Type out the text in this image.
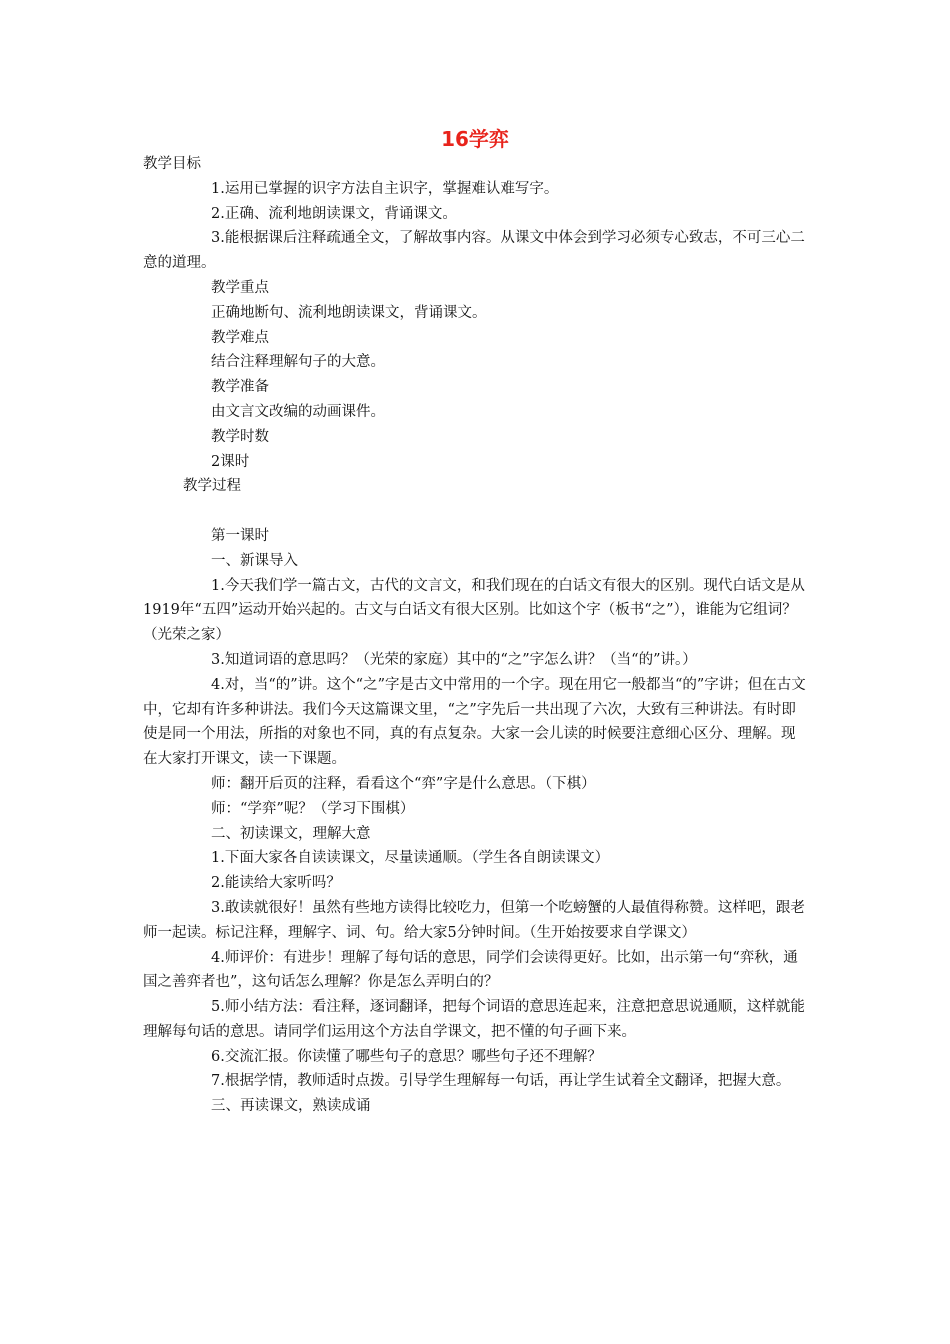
16学弈

教学目标

1.运用已掌握的识字方法自主识字，掌握难认难写字。

2.正确、流利地朗读课文，背诵课文。

3.能根据课后注释疏通全文，了解故事内容。从课文中体会到学习必须专心致志，不可三心二意的道理。

教学重点

正确地断句、流利地朗读课文，背诵课文。

教学难点

结合注释理解句子的大意。

教学准备

由文言文改编的动画课件。

教学时数

2课时

教学过程

第一课时

一、新课导入

1.今天我们学一篇古文，古代的文言文，和我们现在的白话文有很大的区别。现代白话文是从1919年“五四”运动开始兴起的。古文与白话文有很大区别。比如这个字（板书“之”），谁能为它组词？（光荣之家）

3.知道词语的意思吗？（光荣的家庭）其中的“之”字怎么讲？（当“的”讲。）

4.对，当“的”讲。这个“之”字是古文中常用的一个字。现在用它一般都当“的”字讲；但在古文中，它却有许多种讲法。我们今天这篇课文里，“之”字先后一共出现了六次，大致有三种讲法。有时即使是同一个用法，所指的对象也不同，真的有点复杂。大家一会儿读的时候要注意细心区分、理解。现在大家打开课文，读一下课题。

师：翻开后页的注释，看看这个“弈”字是什么意思。（下棋）

师：“学弈”呢？（学习下围棋）

二、初读课文，理解大意

1.下面大家各自读读课文，尽量读通顺。（学生各自朗读课文）

2.能读给大家听吗？

3.敢读就很好！虽然有些地方读得比较吃力，但第一个吃螃蟹的人最值得称赞。这样吧，跟老师一起读。标记注释，理解字、词、句。给大家5分钟时间。（生开始按要求自学课文）

4.师评价：有进步！理解了每句话的意思，同学们会读得更好。比如，出示第一句“弈秋，通国之善弈者也”，这句话怎么理解？你是怎么弄明白的？

5.师小结方法：看注释，逐词翻译，把每个词语的意思连起来，注意把意思说通顺，这样就能理解每句话的意思。请同学们运用这个方法自学课文，把不懂的句子画下来。

6.交流汇报。你读懂了哪些句子的意思？哪些句子还不理解？

7.根据学情，教师适时点拨。引导学生理解每一句话，再让学生试着全文翻译，把握大意。

三、再读课文，熟读成诵
